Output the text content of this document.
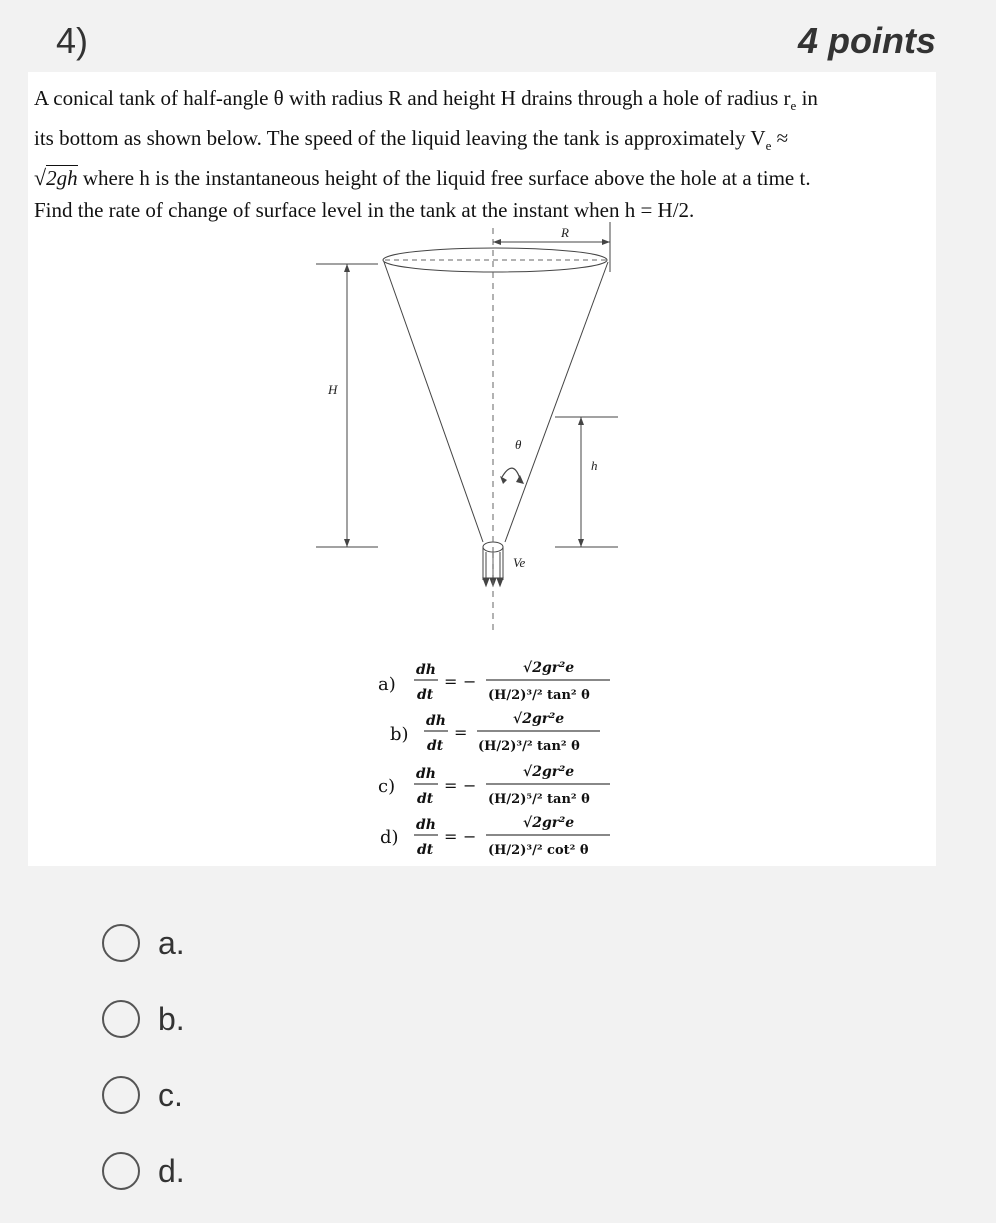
4)	4 points
A conical tank of half-angle θ with radius R and height H drains through a hole of radius $r_e$ in
its bottom as shown below. The speed of the liquid leaving the tank is approximately $V_e$ ≈
√2gh where h is the instantaneous height of the liquid free surface above the hole at a time t.
Find the rate of change of surface level in the tank at the instant when h = H/2.
R
H
h
θ
Ve
a)
dh
dt
= −
√2gr²e
(H/2)³/² tan² θ
b)
dh
dt
=
√2gr²e
(H/2)³/² tan² θ
c)
dh
dt
= −
√2gr²e
(H/2)⁵/² tan² θ
d)
dh
dt
= −
√2gr²e
(H/2)³/² cot² θ
a.
b.
c.
d.
